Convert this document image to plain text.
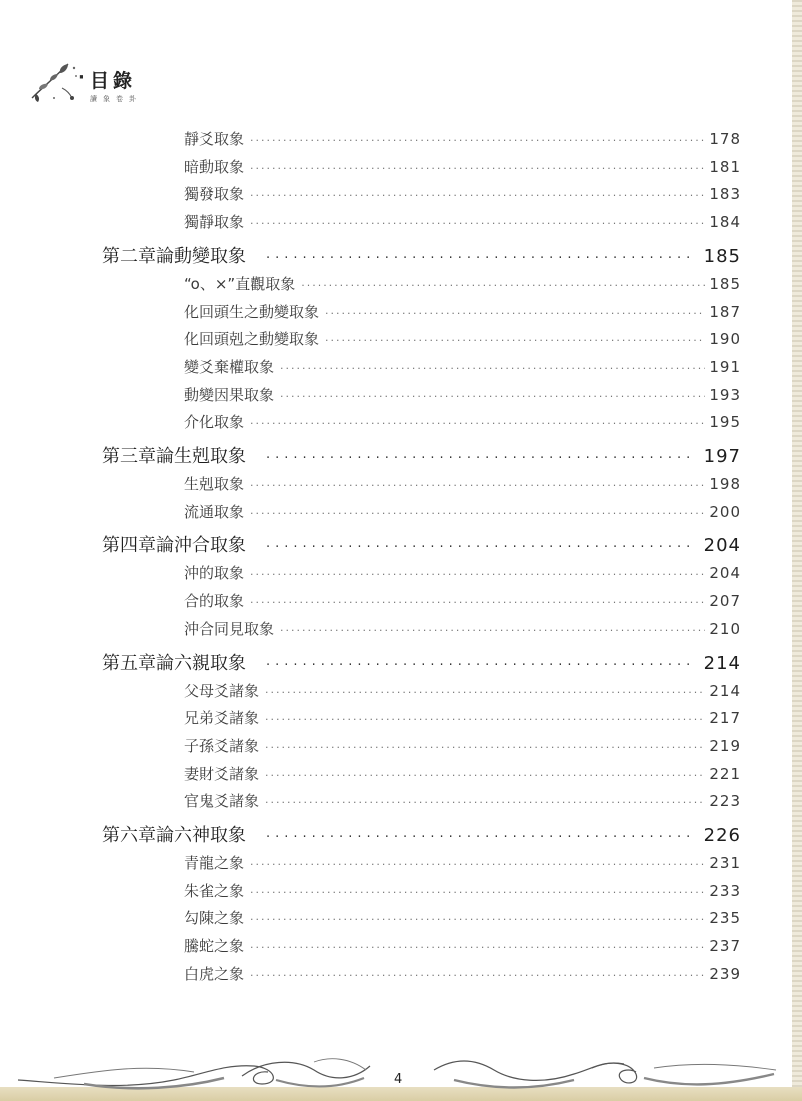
· 目錄
讀象卷卦
靜爻取象 ·····	178
暗動取象 ·····	181
獨發取象 ·····	183
獨靜取象 ·····	184
第二章 論動變取象 ·····	185
“o、×”直觀取象 ·····	185
化回頭生之動變取象 ·····	187
化回頭剋之動變取象 ·····	190
變爻棄權取象 ·····	191
動變因果取象 ·····	193
介化取象 ·····	195
第三章 論生剋取象 ·····	197
生剋取象 ·····	198
流通取象 ·····	200
第四章 論沖合取象 ·····	204
沖的取象 ·····	204
合的取象 ·····	207
沖合同見取象 ·····	210
第五章 論六親取象 ·····	214
父母爻諸象 ·····	214
兄弟爻諸象 ·····	217
子孫爻諸象 ·····	219
妻財爻諸象 ·····	221
官鬼爻諸象 ·····	223
第六章 論六神取象 ·····	226
青龍之象 ·····	231
朱雀之象 ·····	233
勾陳之象 ·····	235
騰蛇之象 ·····	237
白虎之象 ·····	239
4
